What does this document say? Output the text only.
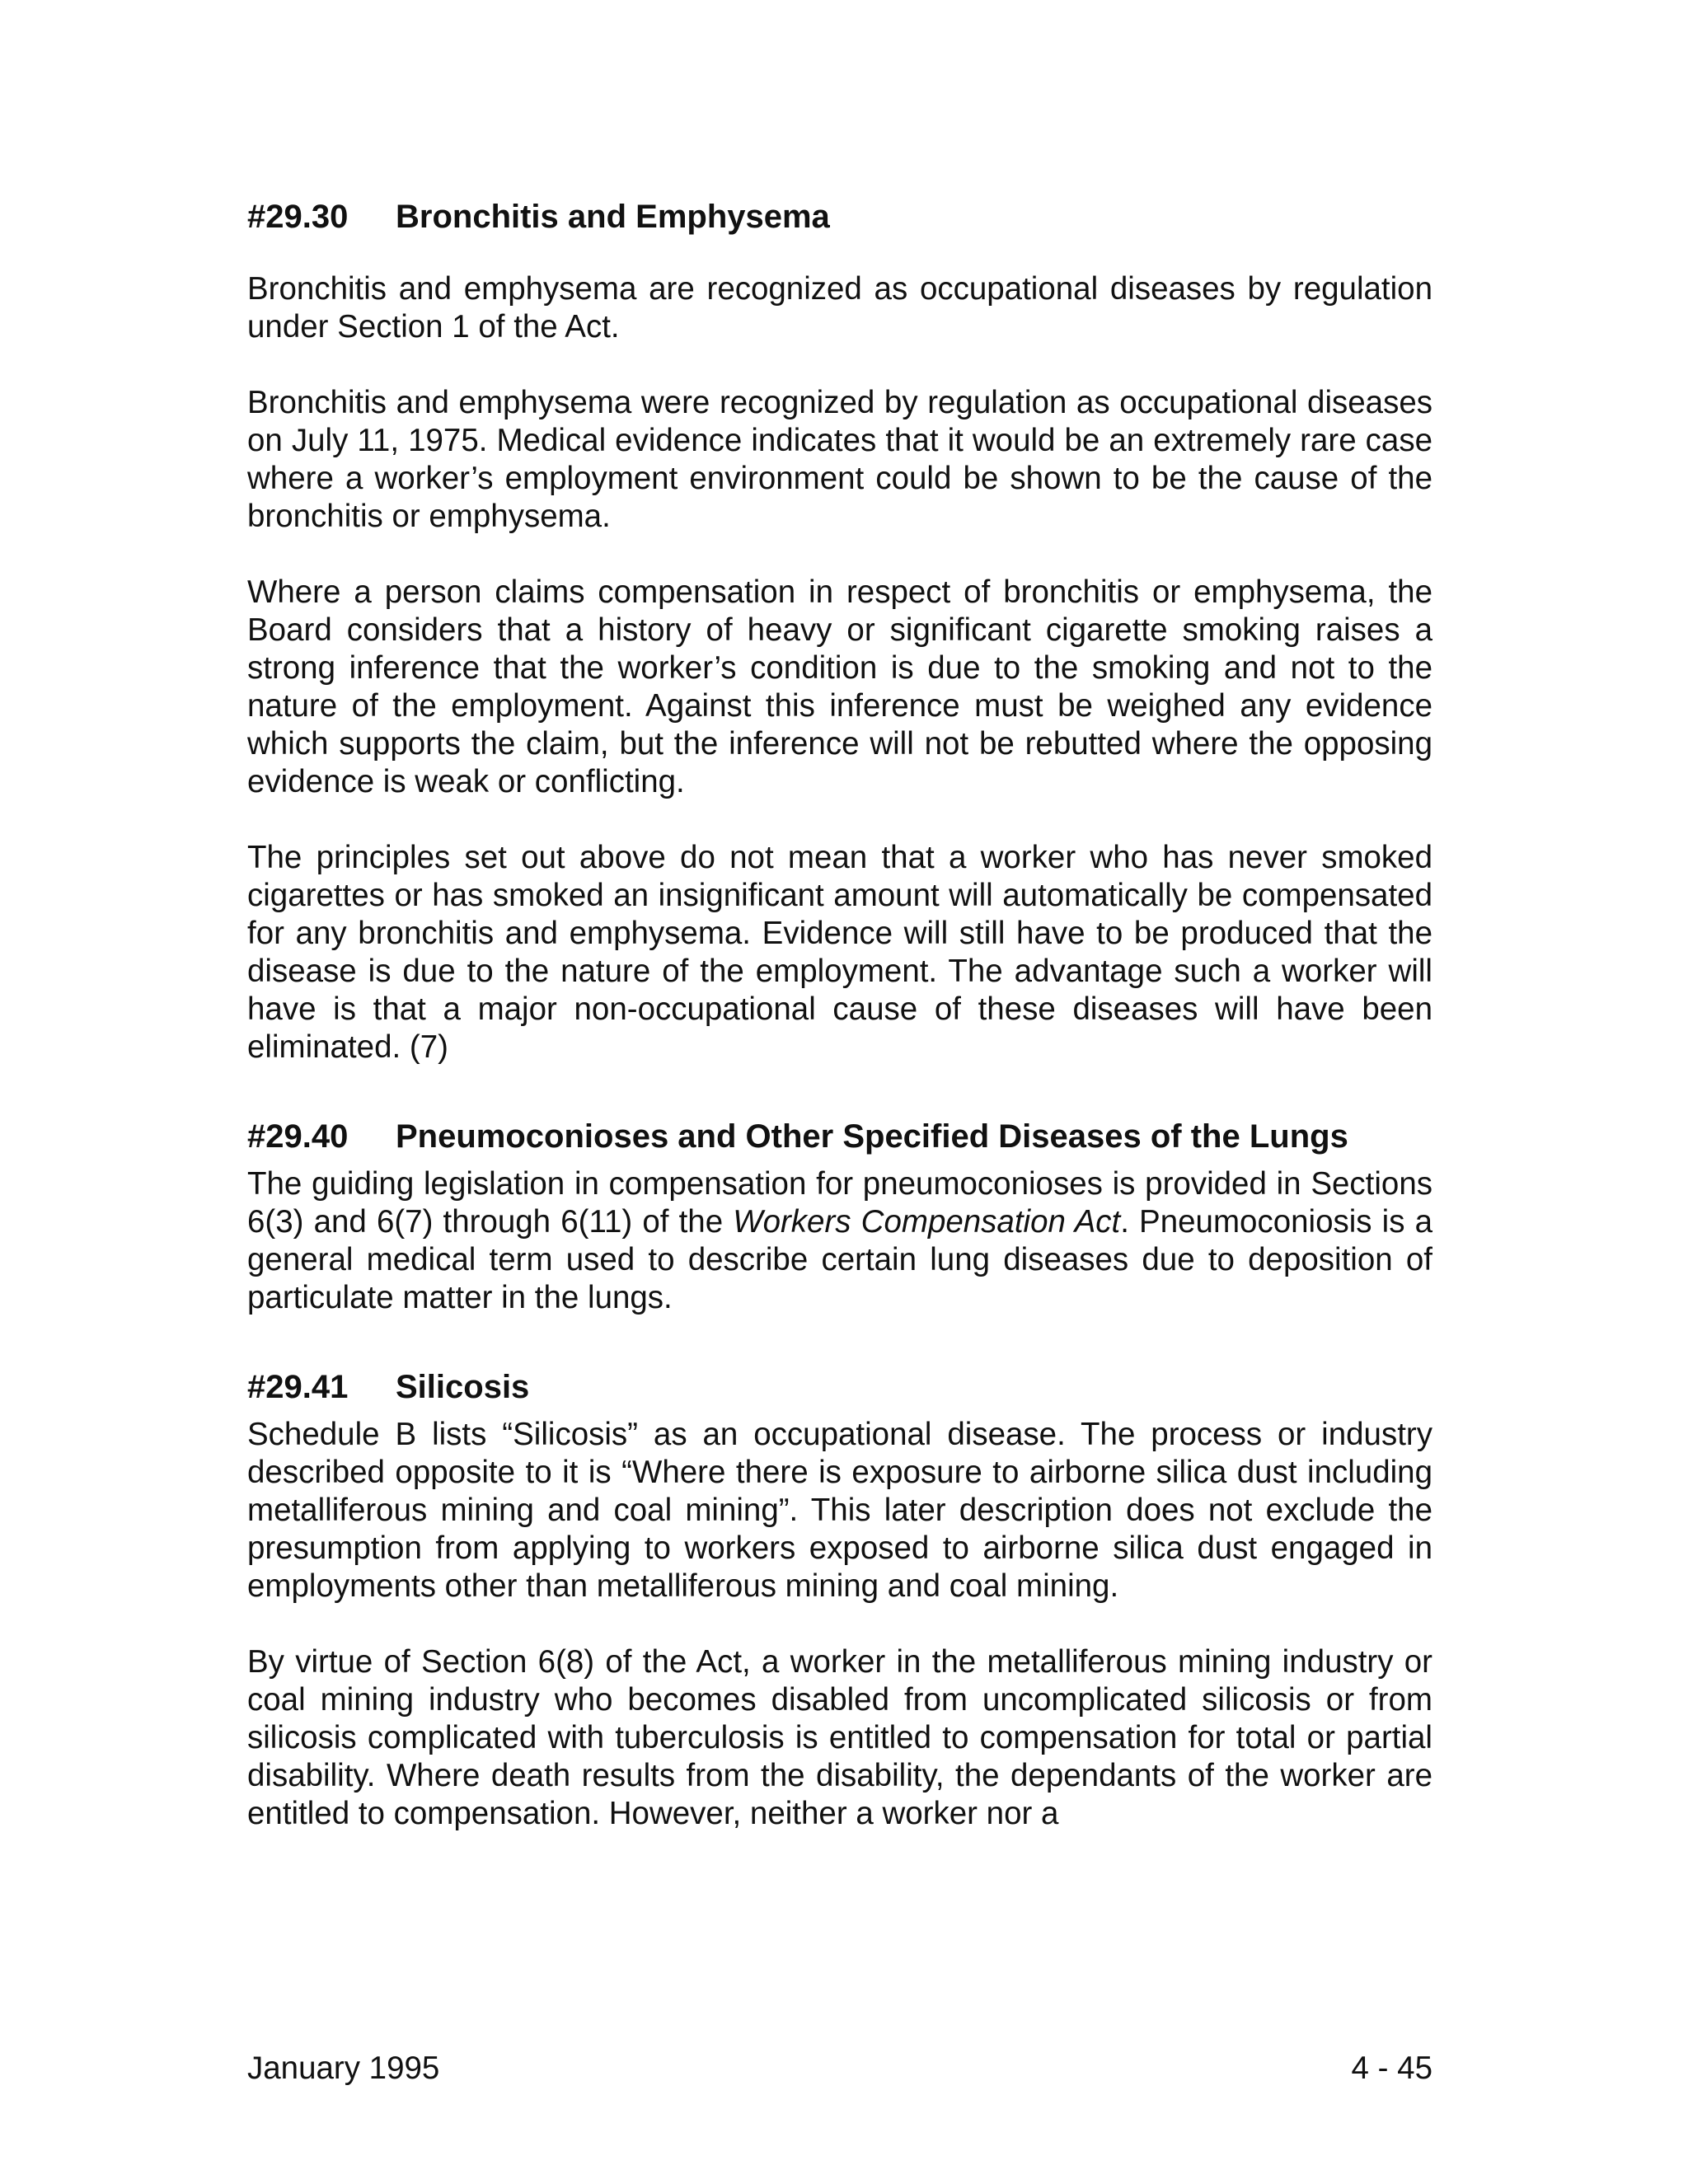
#29.30 Bronchitis and Emphysema

Bronchitis and emphysema are recognized as occupational diseases by regulation under Section 1 of the Act.

Bronchitis and emphysema were recognized by regulation as occupational diseases on July 11, 1975. Medical evidence indicates that it would be an extremely rare case where a worker’s employment environment could be shown to be the cause of the bronchitis or emphysema.

Where a person claims compensation in respect of bronchitis or emphysema, the Board considers that a history of heavy or significant cigarette smoking raises a strong inference that the worker’s condition is due to the smoking and not to the nature of the employment. Against this inference must be weighed any evidence which supports the claim, but the inference will not be rebutted where the opposing evidence is weak or conflicting.

The principles set out above do not mean that a worker who has never smoked cigarettes or has smoked an insignificant amount will automatically be compensated for any bronchitis and emphysema. Evidence will still have to be produced that the disease is due to the nature of the employment. The advantage such a worker will have is that a major non-occupational cause of these diseases will have been eliminated. (7)

#29.40 Pneumoconioses and Other Specified Diseases of the Lungs

The guiding legislation in compensation for pneumoconioses is provided in Sections 6(3) and 6(7) through 6(11) of the Workers Compensation Act. Pneumoconiosis is a general medical term used to describe certain lung diseases due to deposition of particulate matter in the lungs.

#29.41 Silicosis

Schedule B lists “Silicosis” as an occupational disease. The process or industry described opposite to it is “Where there is exposure to airborne silica dust including metalliferous mining and coal mining”. This later description does not exclude the presumption from applying to workers exposed to airborne silica dust engaged in employments other than metalliferous mining and coal mining.

By virtue of Section 6(8) of the Act, a worker in the metalliferous mining industry or coal mining industry who becomes disabled from uncomplicated silicosis or from silicosis complicated with tuberculosis is entitled to compensation for total or partial disability. Where death results from the disability, the dependants of the worker are entitled to compensation. However, neither a worker nor a

January 1995	4 - 45
